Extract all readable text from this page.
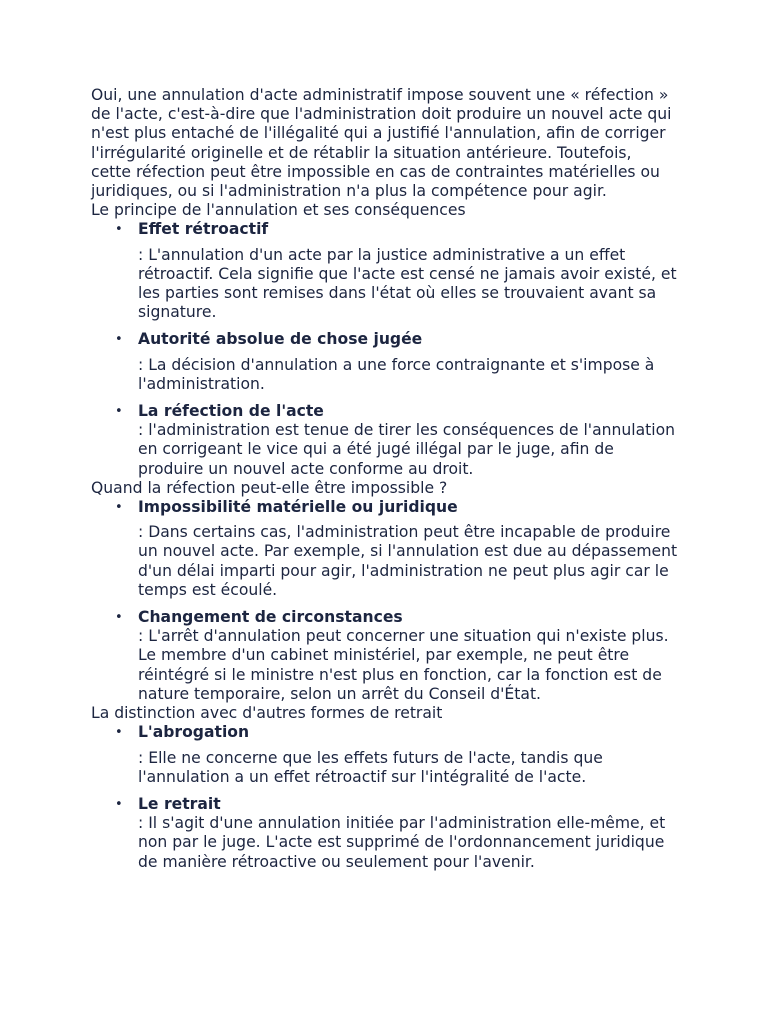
Oui, une annulation d'acte administratif impose souvent une « réfection » de l'acte, c'est-à-dire que l'administration doit produire un nouvel acte qui n'est plus entaché de l'illégalité qui a justifié l'annulation, afin de corriger l'irrégularité originelle et de rétablir la situation antérieure. Toutefois, cette réfection peut être impossible en cas de contraintes matérielles ou juridiques, ou si l'administration n'a plus la compétence pour agir.

Le principe de l'annulation et ses conséquences

• Effet rétroactif

: L'annulation d'un acte par la justice administrative a un effet rétroactif. Cela signifie que l'acte est censé ne jamais avoir existé, et les parties sont remises dans l'état où elles se trouvaient avant sa signature.

• Autorité absolue de chose jugée

: La décision d'annulation a une force contraignante et s'impose à l'administration.

• La réfection de l'acte

: l'administration est tenue de tirer les conséquences de l'annulation en corrigeant le vice qui a été jugé illégal par le juge, afin de produire un nouvel acte conforme au droit.

Quand la réfection peut-elle être impossible ?

• Impossibilité matérielle ou juridique

: Dans certains cas, l'administration peut être incapable de produire un nouvel acte. Par exemple, si l'annulation est due au dépassement d'un délai imparti pour agir, l'administration ne peut plus agir car le temps est écoulé.

• Changement de circonstances

: L'arrêt d'annulation peut concerner une situation qui n'existe plus. Le membre d'un cabinet ministériel, par exemple, ne peut être réintégré si le ministre n'est plus en fonction, car la fonction est de nature temporaire, selon un arrêt du Conseil d'État.

La distinction avec d'autres formes de retrait

• L'abrogation

: Elle ne concerne que les effets futurs de l'acte, tandis que l'annulation a un effet rétroactif sur l'intégralité de l'acte.

• Le retrait

: Il s'agit d'une annulation initiée par l'administration elle-même, et non par le juge. L'acte est supprimé de l'ordonnancement juridique de manière rétroactive ou seulement pour l'avenir.
